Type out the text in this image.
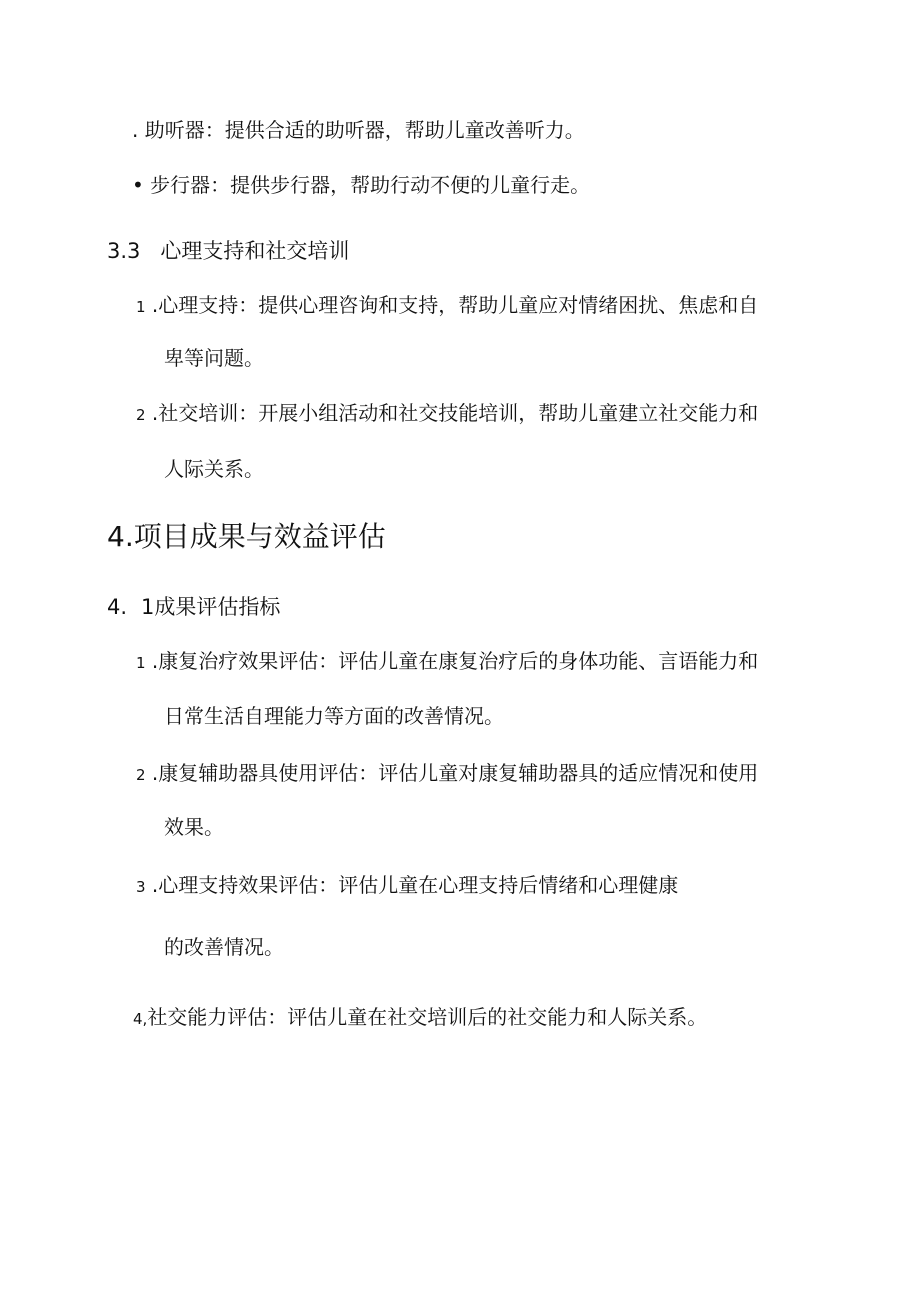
. 助听器：提供合适的助听器，帮助儿童改善听力。
• 步行器：提供步行器，帮助行动不便的儿童行走。
3.3 心理支持和社交培训
1 .心理支持：提供心理咨询和支持，帮助儿童应对情绪困扰、焦虑和自
卑等问题。
2 .社交培训：开展小组活动和社交技能培训，帮助儿童建立社交能力和
人际关系。
4.项目成果与效益评估
4. 1成果评估指标
1 .康复治疗效果评估：评估儿童在康复治疗后的身体功能、言语能力和
日常生活自理能力等方面的改善情况。
2 .康复辅助器具使用评估：评估儿童对康复辅助器具的适应情况和使用
效果。
3 .心理支持效果评估：评估儿童在心理支持后情绪和心理健康
的改善情况。
4,社交能力评估：评估儿童在社交培训后的社交能力和人际关系。
